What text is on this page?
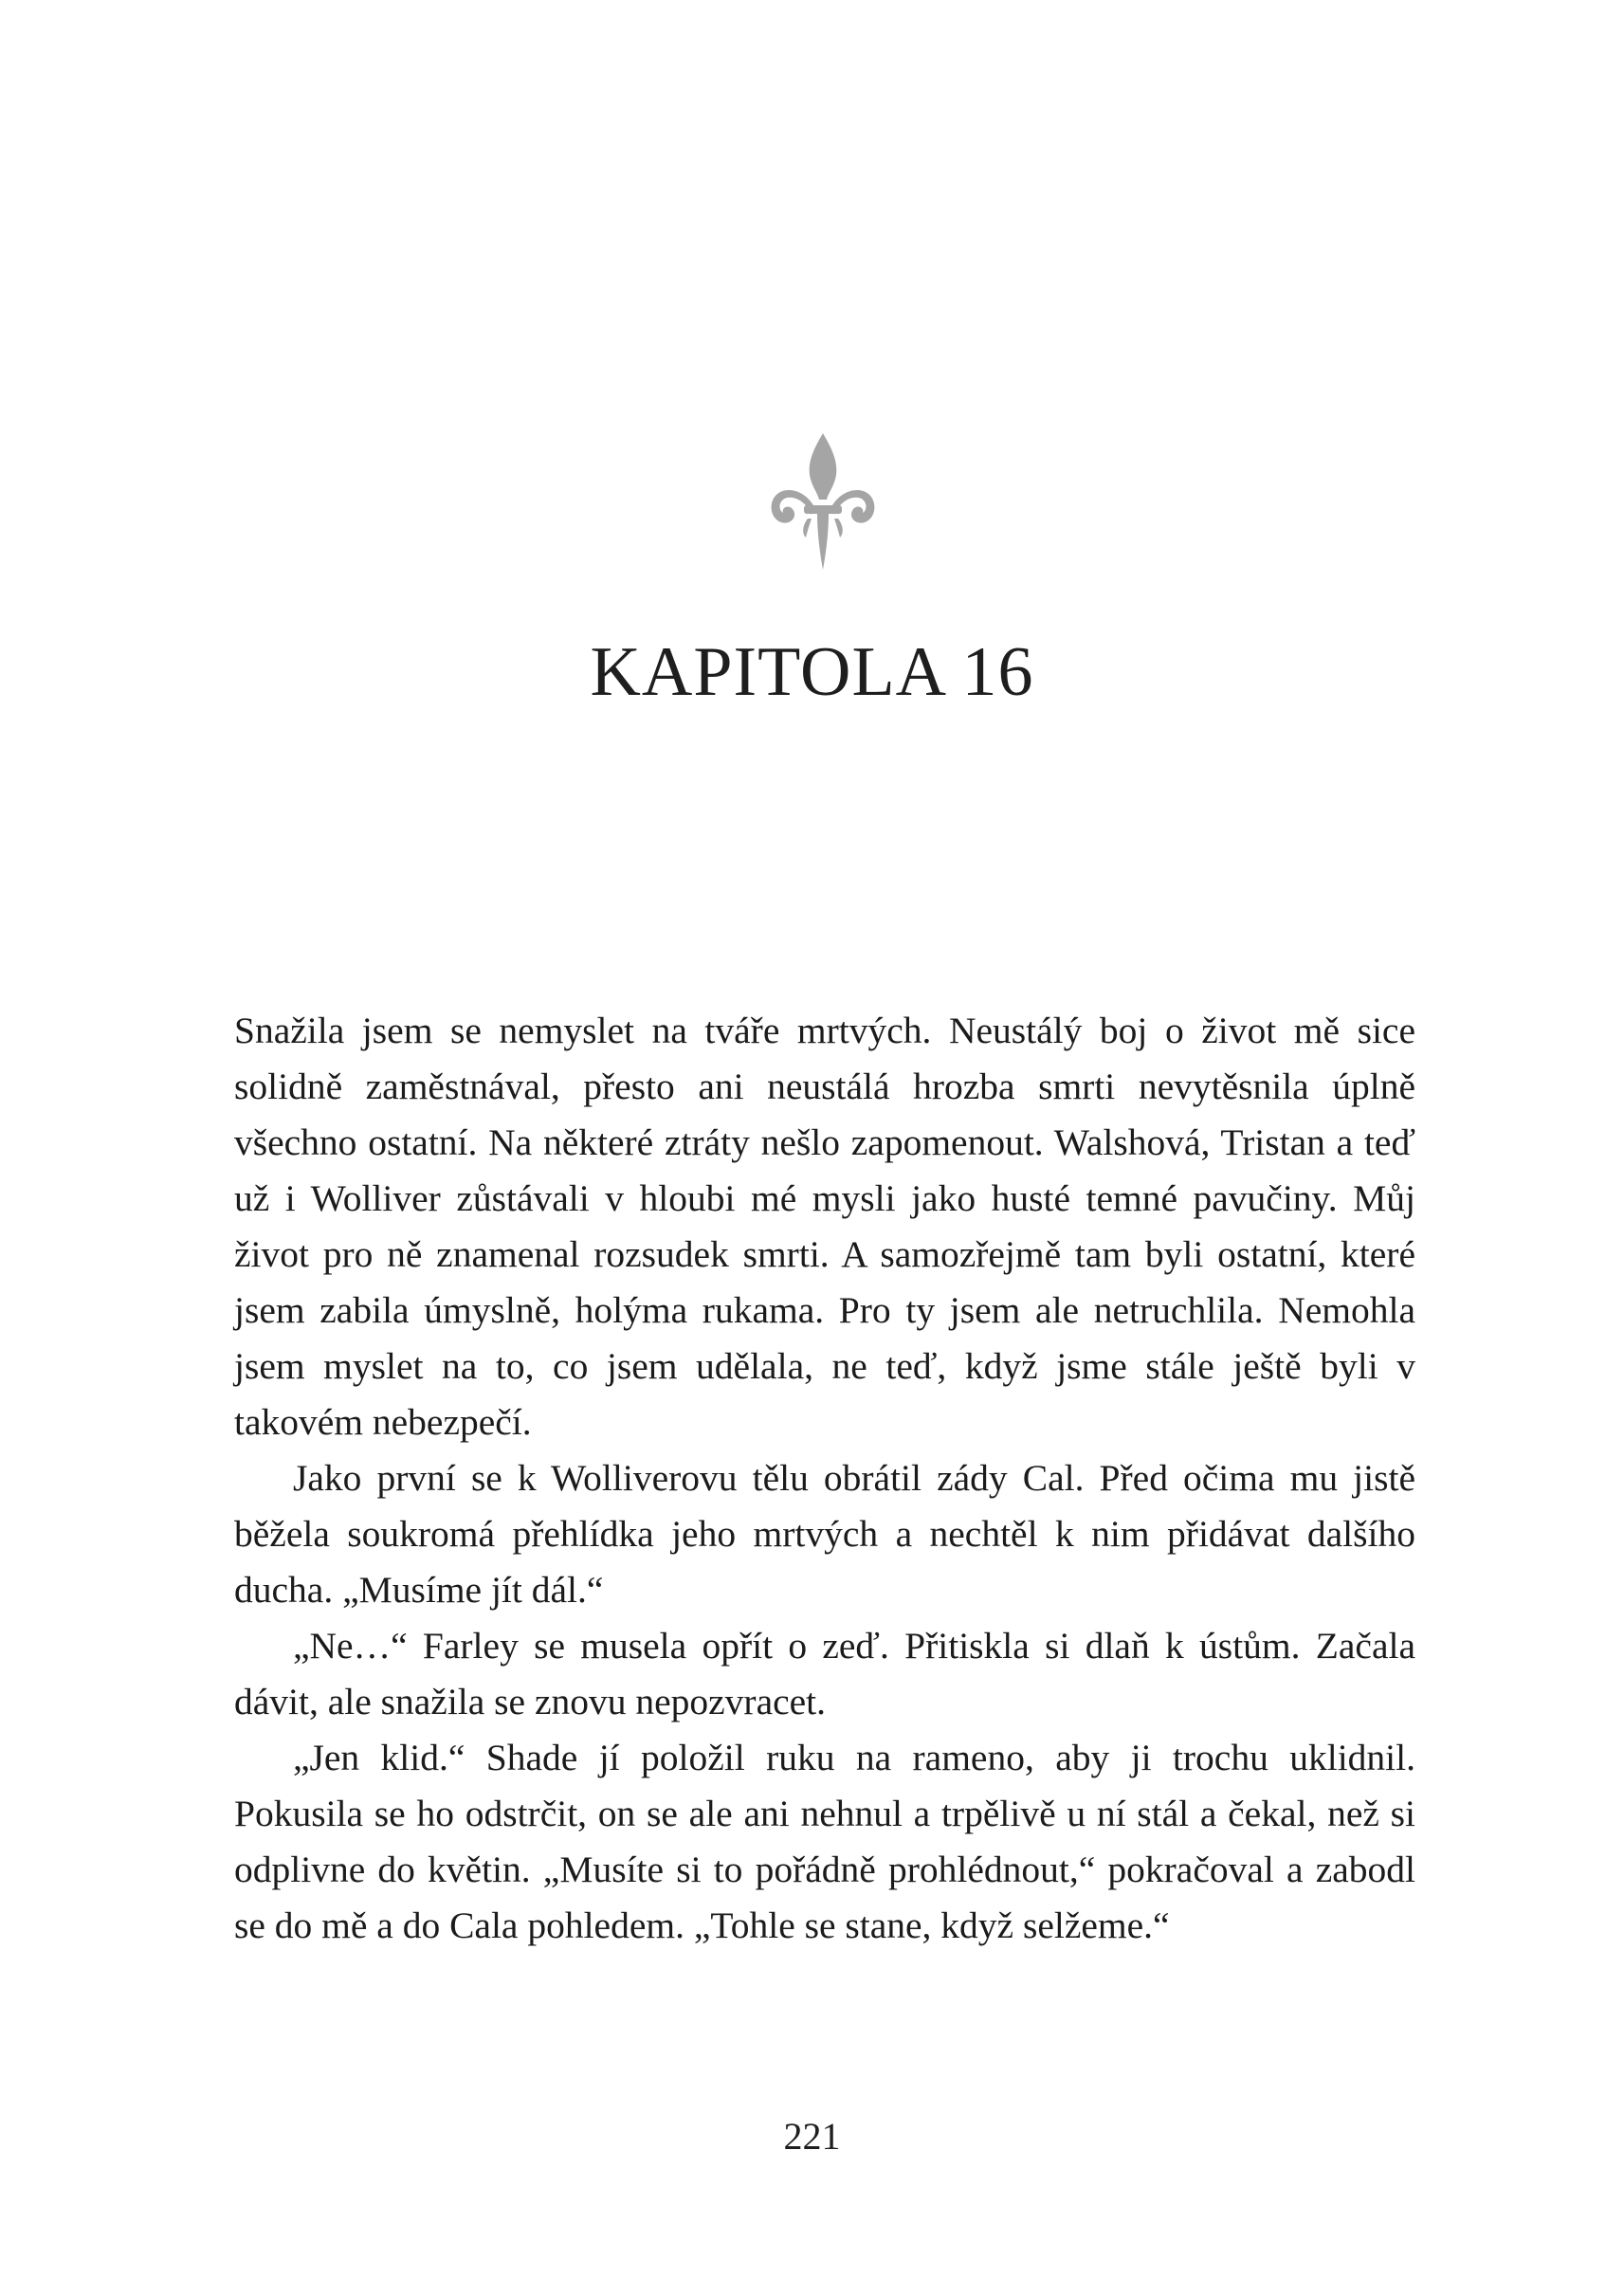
KAPITOLA 16

Snažila jsem se nemyslet na tváře mrtvých. Neustálý boj o život mě sice solidně zaměstnával, přesto ani neustálá hrozba smrti nevytěsnila úplně všechno ostatní. Na některé ztráty nešlo zapomenout. Walshová, Tristan a teď už i Wolliver zůstávali v hloubi mé mysli jako husté temné pavučiny. Můj život pro ně znamenal rozsudek smrti. A samozřejmě tam byli ostatní, které jsem zabila úmyslně, holýma rukama. Pro ty jsem ale netruchlila. Nemohla jsem myslet na to, co jsem udělala, ne teď, když jsme stále ještě byli v takovém nebezpečí.

Jako první se k Wolliverovu tělu obrátil zády Cal. Před očima mu jistě běžela soukromá přehlídka jeho mrtvých a nechtěl k nim přidávat dalšího ducha. „Musíme jít dál.“

„Ne…“ Farley se musela opřít o zeď. Přitiskla si dlaň k ústům. Začala dávit, ale snažila se znovu nepozvracet.

„Jen klid.“ Shade jí položil ruku na rameno, aby ji trochu uklidnil. Pokusila se ho odstrčit, on se ale ani nehnul a trpělivě u ní stál a čekal, než si odplivne do květin. „Musíte si to pořádně prohlédnout,“ pokračoval a zabodl se do mě a do Cala pohledem. „Tohle se stane, když selžeme.“

221
